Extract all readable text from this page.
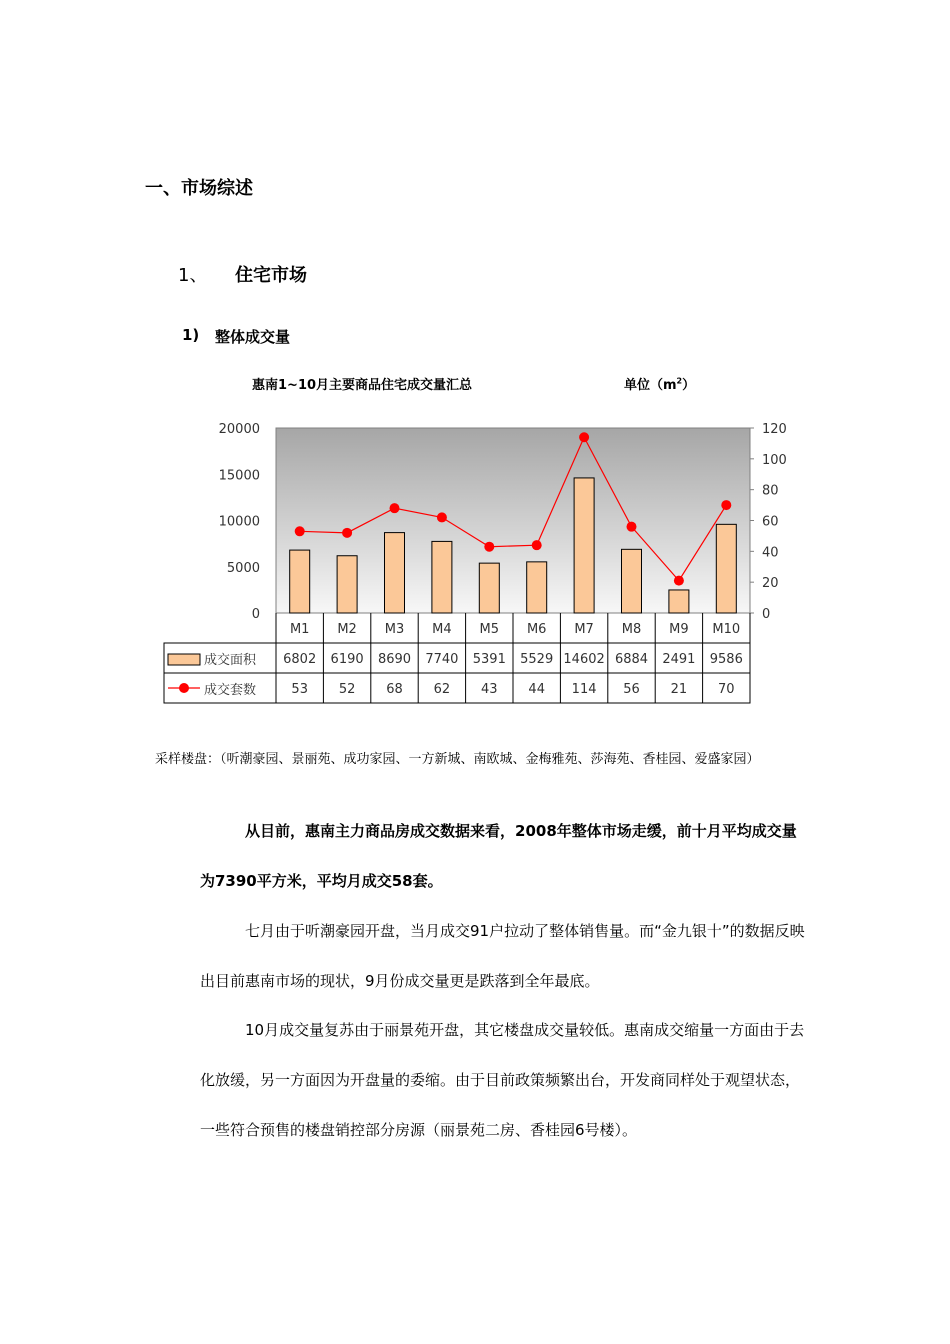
一、市场综述
1、 住宅市场
1) 整体成交量
惠南1~10月主要商品住宅成交量汇总	单位$(m^2)$
0
5000
10000
15000
20000
0
20
40
60
80
100
120
M1 M2 M3 M4 M5 M6 M7 M8 M9 M10
成交面积 6802 6190 8690 7740 5391 5529 14602 6884 2491 9586
成交套数	53 52 68 62 43 44 114 56 21 70
采样楼盘：（听潮豪园、景丽苑、成功家园、一方新城、南欧城、金梅雅苑、莎海苑、香桂园、爱盛家园）
从目前，惠南主力商品房成交数据来看，2008年整体市场走缓，前十月平均成交量为7390平方米，平均月成交58套。
七月由于听潮豪园开盘，当月成交91户拉动了整体销售量。而“金九银十”的数据反映出目前惠南市场的现状，9月份成交量更是跌落到全年最底。
10月成交量复苏由于丽景苑开盘，其它楼盘成交量较低。惠南成交缩量一方面由于去化放缓，另一方面因为开盘量的委缩。由于目前政策频繁出台，开发商同样处于观望状态，一些符合预售的楼盘销控部分房源（丽景苑二房、香桂园6号楼）。
